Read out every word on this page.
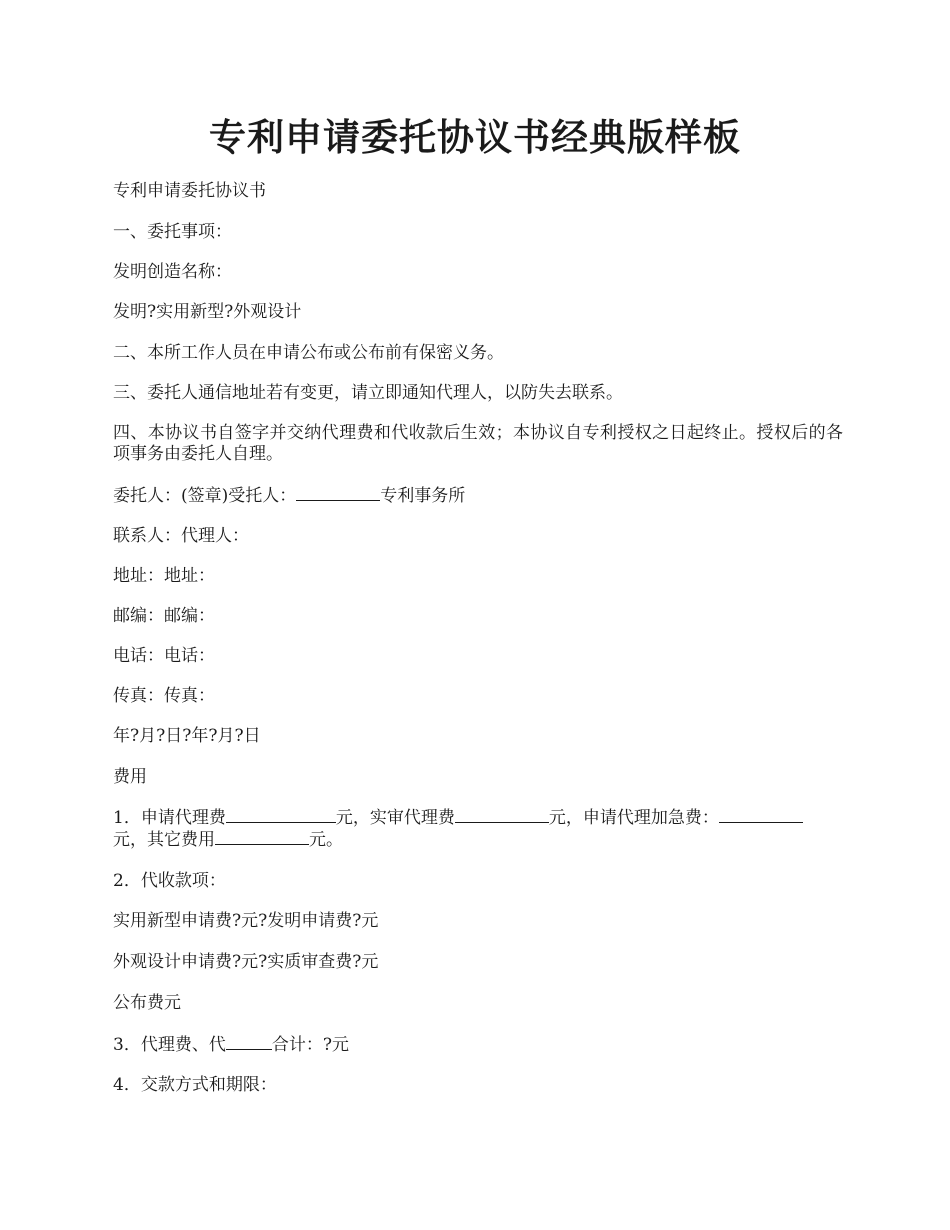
专利申请委托协议书经典版样板

专利申请委托协议书

一、委托事项：

发明创造名称：

发明?实用新型?外观设计

二、本所工作人员在申请公布或公布前有保密义务。

三、委托人通信地址若有变更，请立即通知代理人，以防失去联系。

四、本协议书自签字并交纳代理费和代收款后生效；本协议自专利授权之日起终止。授权后的各项事务由委托人自理。

委托人：(签章)受托人：	专利事务所

联系人：代理人：

地址：地址：

邮编：邮编：

电话：电话：

传真：传真：

年?月?日?年?月?日

费用

1．申请代理费	元，实审代理费	元，申请代理加急费：

元，其它费用	元。

2．代收款项：

实用新型申请费?元?发明申请费?元

外观设计申请费?元?实质审查费?元

公布费元

3．代理费、代	合计：?元

4．交款方式和期限：
